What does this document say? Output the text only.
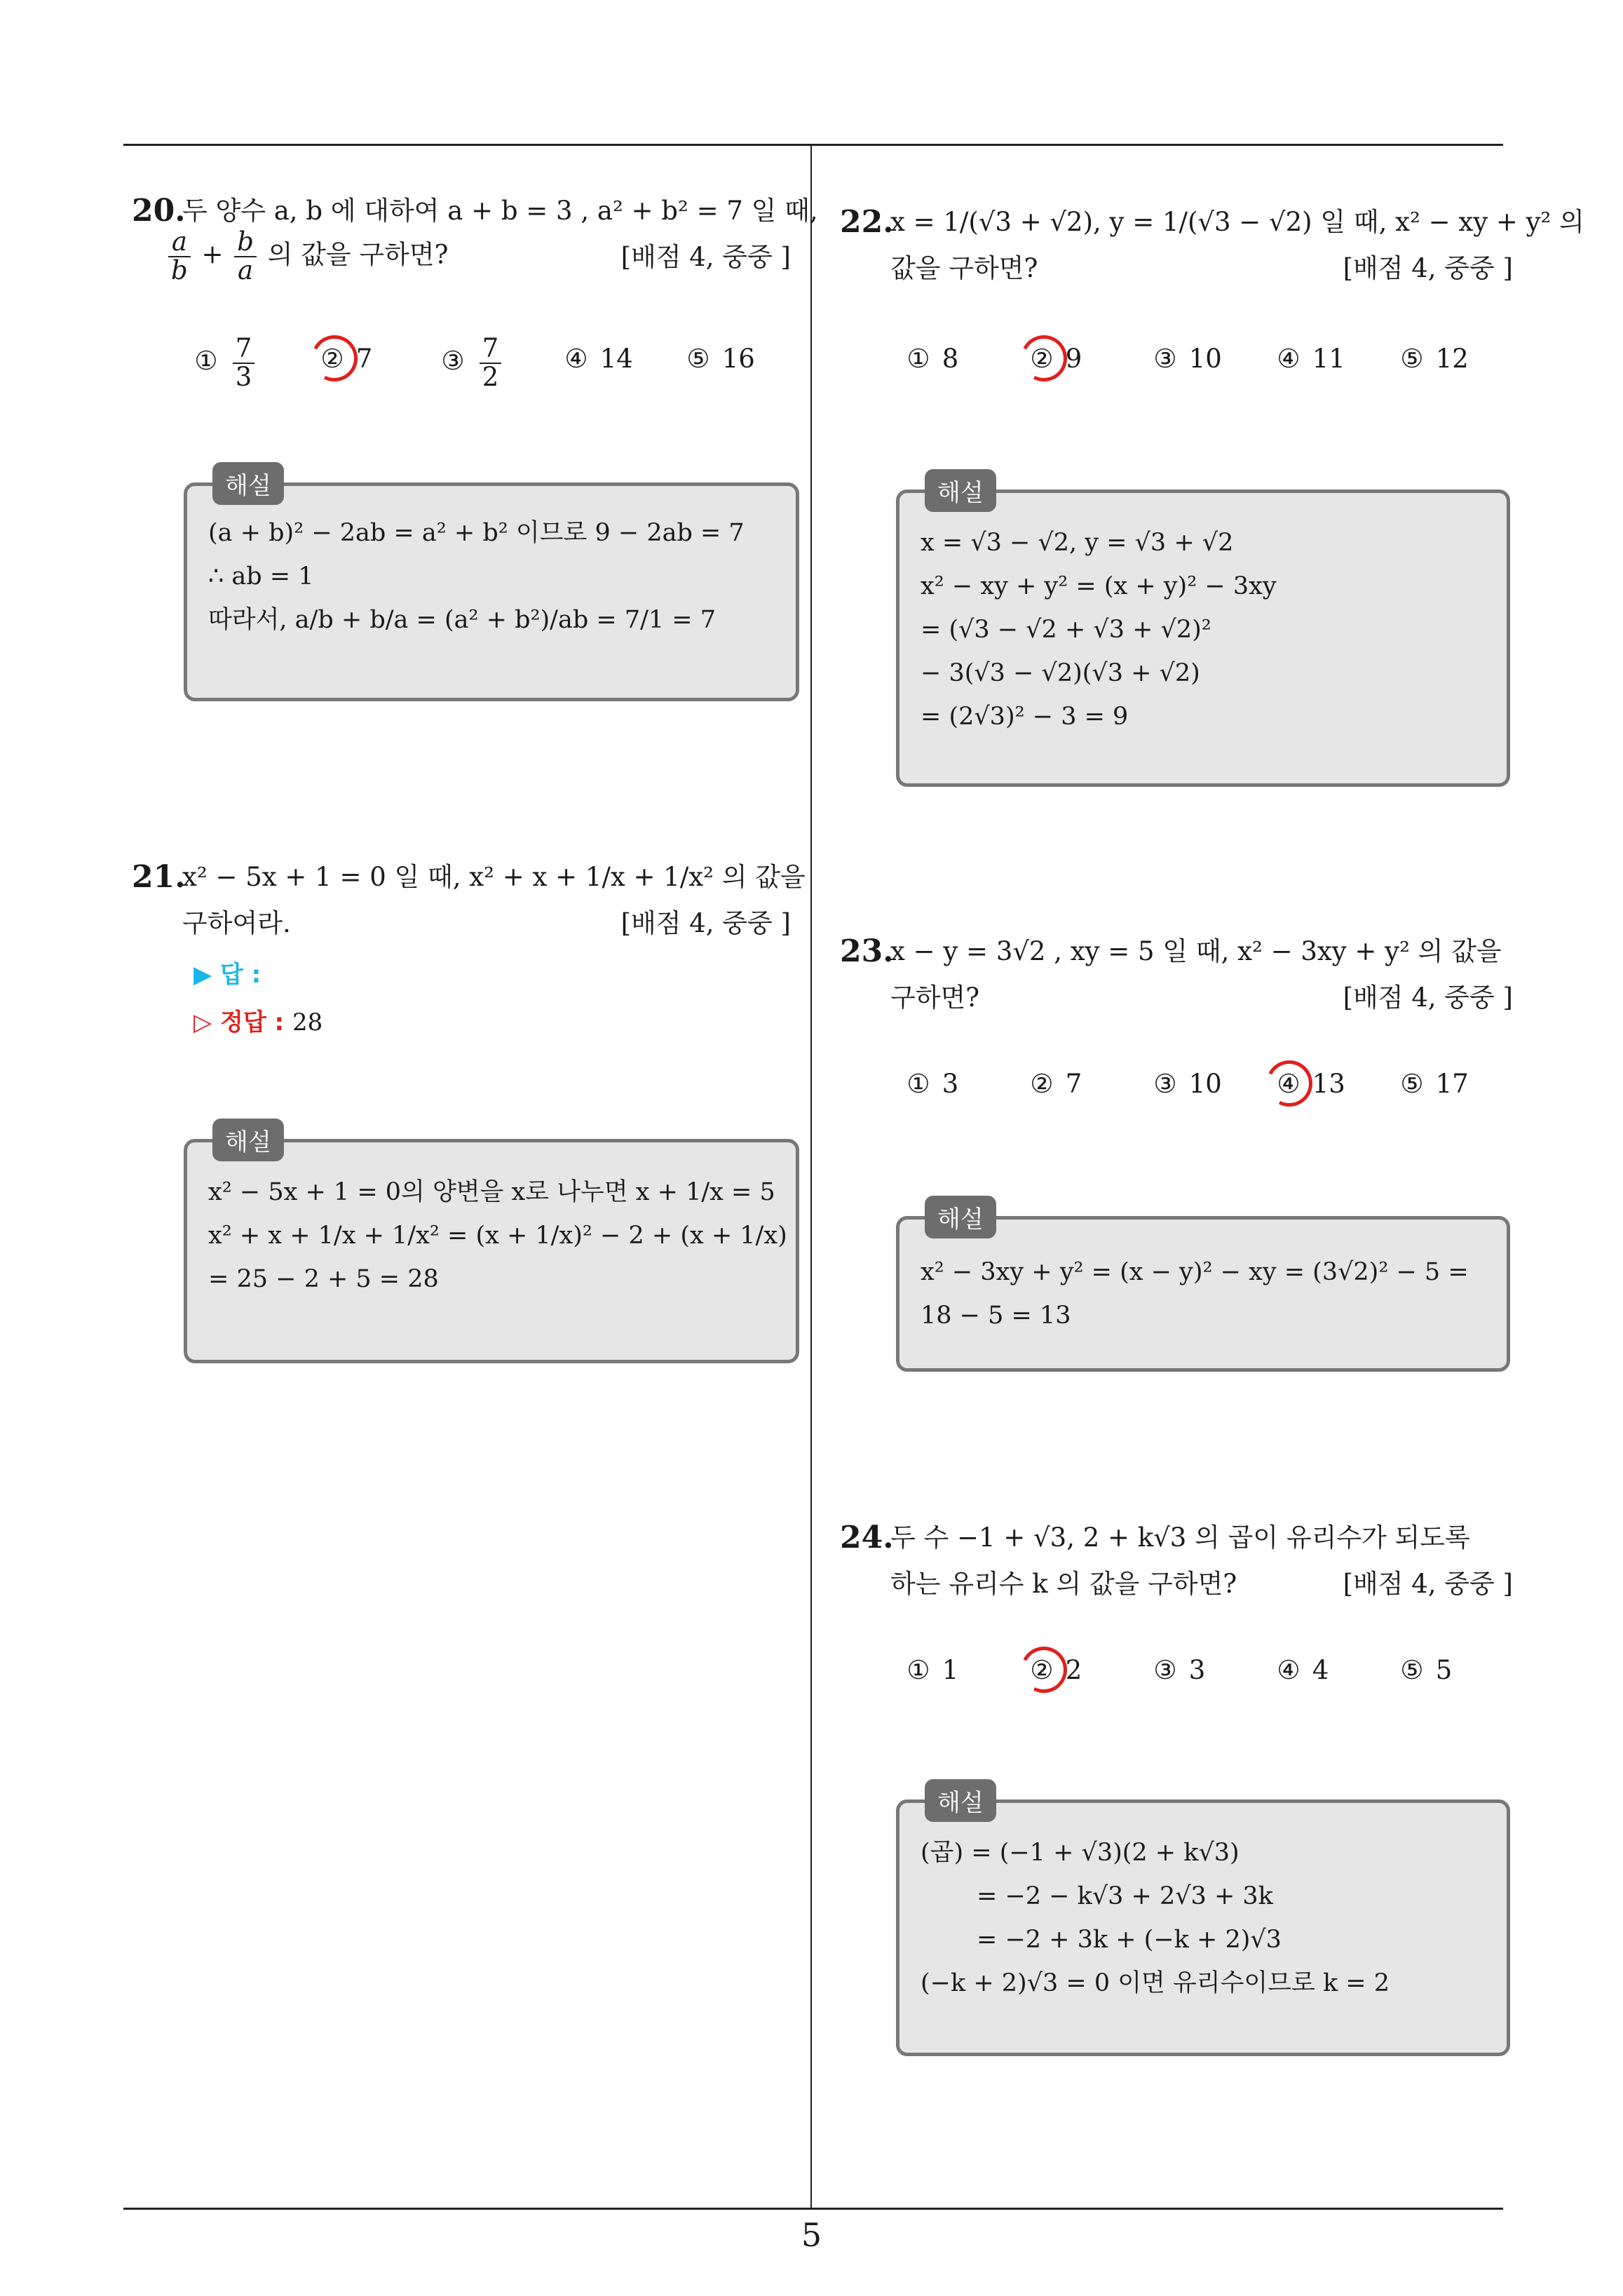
20.
두 양수 a, b 에 대하여 a + b = 3 , a² + b² = 7 일 때,
$\frac{a}{b} + \frac{b}{a}$ 의 값을 구하면?	[배점 4, 중중 ]
① $\frac{7}{3}$	② 7	③ $\frac{7}{2}$ ④ 14 ⑤ 16
해설
(a + b)² − 2ab = a² + b² 이므로 9 − 2ab = 7
∴ ab = 1
따라서, a/b + b/a = (a² + b²)/ab = 7/1 = 7
21.
x² − 5x + 1 = 0 일 때, x² + x + 1/x + 1/x² 의 값을
구하여라.	[배점 4, 중중 ]
▶ 답 :
▷ 정답 : 28
해설
x² − 5x + 1 = 0의 양변을 x로 나누면 x + 1/x = 5
x² + x + 1/x + 1/x² = (x + 1/x)² − 2 + (x + 1/x)
= 25 − 2 + 5 = 28
22.
x = 1/(√3 + √2), y = 1/(√3 − √2) 일 때, x² − xy + y² 의
값을 구하면?	[배점 4, 중중 ]
① 8	② 9	③ 10 ④ 11 ⑤ 12
해설
x = √3 − √2, y = √3 + √2
x² − xy + y² = (x + y)² − 3xy
= (√3 − √2 + √3 + √2)²
− 3(√3 − √2)(√3 + √2)
= (2√3)² − 3 = 9
23.
x − y = 3√2 , xy = 5 일 때, x² − 3xy + y² 의 값을
구하면?	[배점 4, 중중 ]
① 3	② 7	③ 10 ④ 13 ⑤ 17
해설
x² − 3xy + y² = (x − y)² − xy = (3√2)² − 5 =
18 − 5 = 13
24.
두 수 −1 + √3, 2 + k√3 의 곱이 유리수가 되도록
하는 유리수 k 의 값을 구하면?	[배점 4, 중중 ]
① 1	② 2	③ 3	④ 4	⑤ 5
해설
(곱) = (−1 + √3)(2 + k√3)
= −2 − k√3 + 2√3 + 3k
= −2 + 3k + (−k + 2)√3
(−k + 2)√3 = 0 이면 유리수이므로 k = 2
5
